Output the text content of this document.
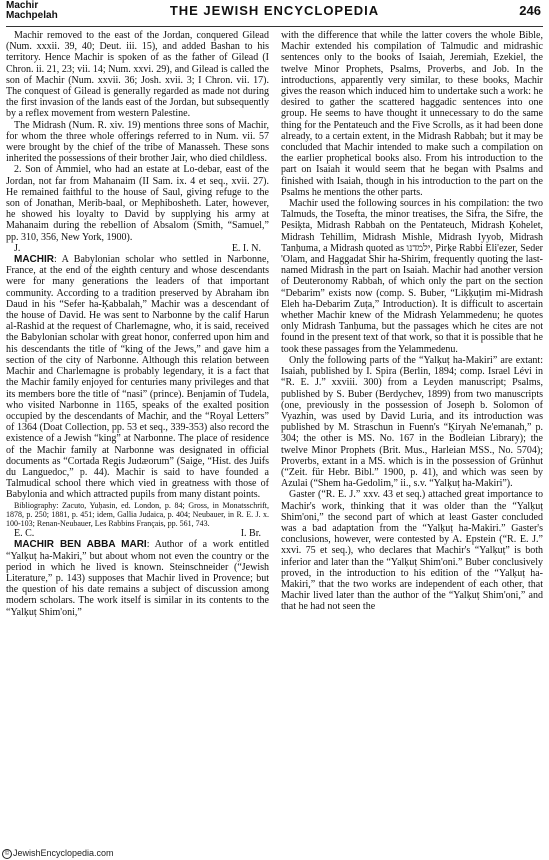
Machir
Machpelah	THE JEWISH ENCYCLOPEDIA	246

Machir removed to the east of the Jordan, conquered Gilead (Num. xxxii. 39, 40; Deut. iii. 15), and added Bashan to his territory. Hence Machir is spoken of as the father of Gilead (I Chron. ii. 21, 23; vii. 14; Num. xxvi. 29), and Gilead is called the son of Machir (Num. xxvii. 36; Josh. xvii. 3; I Chron. vii. 17). The conquest of Gilead is generally regarded as made not during the first invasion of the lands east of the Jordan, but subsequently by a reflex movement from western Palestine.

The Midrash (Num. R. xiv. 19) mentions three sons of Machir, for whom the three whole offerings referred to in Num. vii. 57 were brought by the chief of the tribe of Manasseh. These sons inherited the possessions of their brother Jair, who died childless.

2. Son of Ammiel, who had an estate at Lo-debar, east of the Jordan, not far from Mahanaim (II Sam. ix. 4 et seq., xvii. 27). He remained faithful to the house of Saul, giving refuge to the son of Jonathan, Merib-baal, or Mephibosheth. Later, however, he showed his loyalty to David by supplying his army at Mahanaim during the rebellion of Absalom (Smith, “Samuel,” pp. 310, 356, New York, 1900).

J.	E. I. N.

MACHIR: A Babylonian scholar who settled in Narbonne, France, at the end of the eighth century and whose descendants were for many generations the leaders of that important community. According to a tradition preserved by Abraham ibn Daud in his “Sefer ha-Ḳabbalah,” Machir was a descendant of the house of David. He was sent to Narbonne by the calif Harun al-Rashid at the request of Charlemagne, who, it is said, received the Babylonian scholar with great honor, conferred upon him and his descendants the title of “king of the Jews,” and gave him a section of the city of Narbonne. Although this relation between Machir and Charlemagne is probably legendary, it is a fact that the Machir family enjoyed for centuries many privileges and that its members bore the title of “nasi” (prince). Benjamin of Tudela, who visited Narbonne in 1165, speaks of the exalted position occupied by the descendants of Machir, and the “Royal Letters” of 1364 (Doat Collection, pp. 53 et seq., 339-353) also record the existence of a Jewish “king” at Narbonne. The place of residence of the Machir family at Narbonne was designated in official documents as “Cortada Regis Judæorum” (Saige, “Hist. des Juifs du Languedoc,” p. 44). Machir is said to have founded a Talmudical school there which vied in greatness with those of Babylonia and which attracted pupils from many distant points.

Bibliography: Zacuto, Yuḥasin, ed. London, p. 84; Gross, in Monatsschrift, 1878, p. 250; 1881, p. 451; idem, Gallia Judaica, p. 404; Neubauer, in R. E. J. x. 100-103; Renan-Neubauer, Les Rabbins Français, pp. 561, 743.

E. C.	I. Br.

MACHIR BEN ABBA MARI: Author of a work entitled “Yalḳuṭ ha-Makiri,” but about whom not even the country or the period in which he lived is known. Steinschneider (“Jewish Literature,” p. 143) supposes that Machir lived in Provence; but the question of his date remains a subject of discussion among modern scholars. The work itself is similar in its contents to the “Yalḳuṭ Shim'oni,”

with the difference that while the latter covers the whole Bible, Machir extended his compilation of Talmudic and midrashic sentences only to the books of Isaiah, Jeremiah, Ezekiel, the twelve Minor Prophets, Psalms, Proverbs, and Job. In the introductions, apparently very similar, to these books, Machir gives the reason which induced him to undertake such a work: he desired to gather the scattered haggadic sentences into one group. He seems to have thought it unnecessary to do the same thing for the Pentateuch and the Five Scrolls, as it had been done already, to a certain extent, in the Midrash Rabbah; but it may be concluded that Machir intended to make such a compilation on the earlier prophetical books also. From his introduction to the part on Isaiah it would seem that he began with Psalms and finished with Isaiah, though in his introduction to the part on the Psalms he mentions the other parts.

Machir used the following sources in his compilation: the two Talmuds, the Tosefta, the minor treatises, the Sifra, the Sifre, the Pesiḳta, Midrash Rabbah on the Pentateuch, Midrash Ḳohelet, Midrash Tehillim, Midrash Mishle, Midrash Iyyob, Midrash Tanḥuma, a Midrash quoted as ילמדנו, Pirḳe Rabbi Eli'ezer, Seder 'Olam, and Haggadat Shir ha-Shirim, frequently quoting the last-named Midrash in the part on Isaiah. Machir had another version of Deuteronomy Rabbah, of which only the part on the section “Debarim” exists now (comp. S. Buber, “Liḳḳuṭim mi-Midrash Eleh ha-Debarim Zuṭa,” Introduction). It is difficult to ascertain whether Machir knew of the Midrash Yelammedenu; he quotes only Midrash Tanḥuma, but the passages which he cites are not found in the present text of that work, so that it is possible that he took these passages from the Yelammedenu.

Only the following parts of the “Yalḳuṭ ha-Makiri” are extant: Isaiah, published by I. Spira (Berlin, 1894; comp. Israel Lévi in “R. E. J.” xxviii. 300) from a Leyden manuscript; Psalms, published by S. Buber (Berdychev, 1899) from two manuscripts (one, previously in the possession of Joseph b. Solomon of Vyazhin, was used by David Luria, and its introduction was published by M. Straschun in Fuenn's “Ḳiryah Ne'emanah,” p. 304; the other is MS. No. 167 in the Bodleian Library); the twelve Minor Prophets (Brit. Mus., Harleian MSS., No. 5704); Proverbs, extant in a MS. which is in the possession of Grünhut (“Zeit. für Hebr. Bibl.” 1900, p. 41), and which was seen by Azulai (“Shem ha-Gedolim,” ii., s.v. “Yalḳuṭ ha-Makiri”).

Gaster (“R. E. J.” xxv. 43 et seq.) attached great importance to Machir's work, thinking that it was older than the “Yalḳuṭ Shim'oni,” the second part of which at least Gaster concluded was a bad adaptation from the “Yalḳuṭ ha-Makiri.” Gaster's conclusions, however, were contested by A. Epstein (“R. E. J.” xxvi. 75 et seq.), who declares that Machir's “Yalḳuṭ” is both inferior and later than the “Yalḳuṭ Shim'oni.” Buber conclusively proved, in the introduction to his edition of the “Yalḳuṭ ha-Makiri,” that the two works are independent of each other, that Machir lived later than the author of the “Yalḳuṭ Shim'oni,” and that he had not seen the

© JewishEncyclopedia.com
